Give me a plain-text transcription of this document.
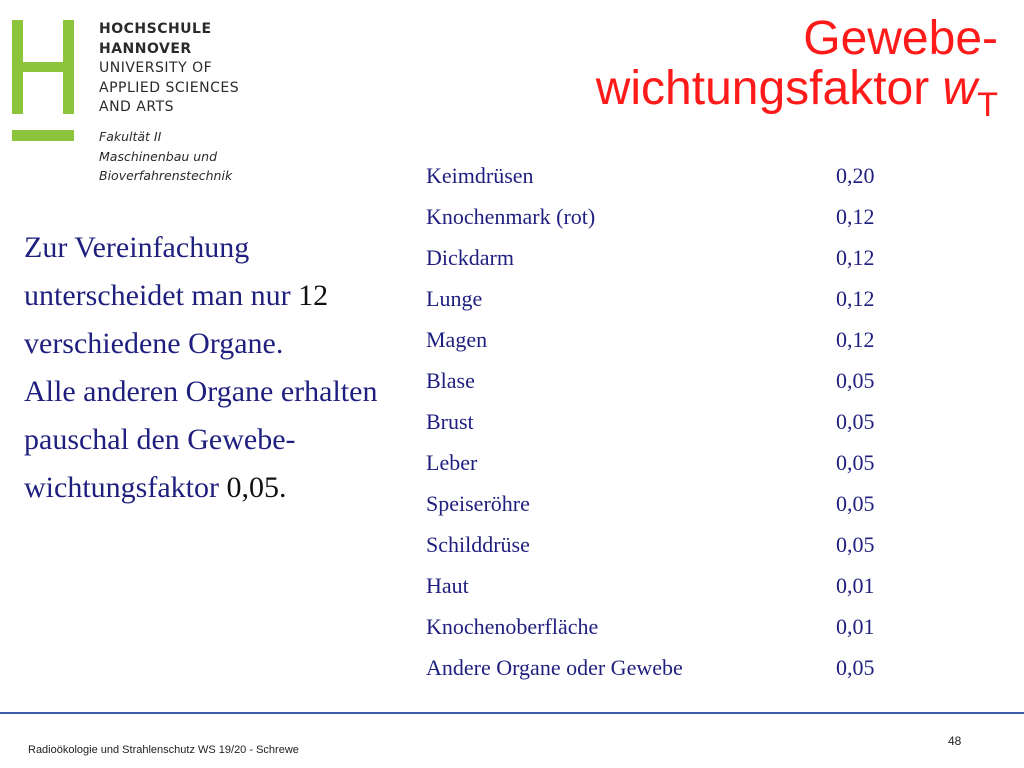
HOCHSCHULE
HANNOVER
UNIVERSITY OF
APPLIED SCIENCES
AND ARTS
Fakultät II
Maschinenbau und
Bioverfahrenstechnik
Gewebe-
wichtungsfaktor $w_T$
Zur Vereinfachung unterscheidet man nur 12 verschiedene Organe.
Alle anderen Organe erhalten pauschal den Gewebe-wichtungsfaktor 0,05.
Keimdrüsen	0,20
Knochenmark (rot)	0,12
Dickdarm	0,12
Lunge	0,12
Magen	0,12
Blase	0,05
Brust	0,05
Leber	0,05
Speiseröhre	0,05
Schilddrüse	0,05
Haut	0,01
Knochenoberfläche	0,01
Andere Organe oder Gewebe	0,05
Radioökologie und Strahlenschutz WS 19/20 - Schrewe
48
